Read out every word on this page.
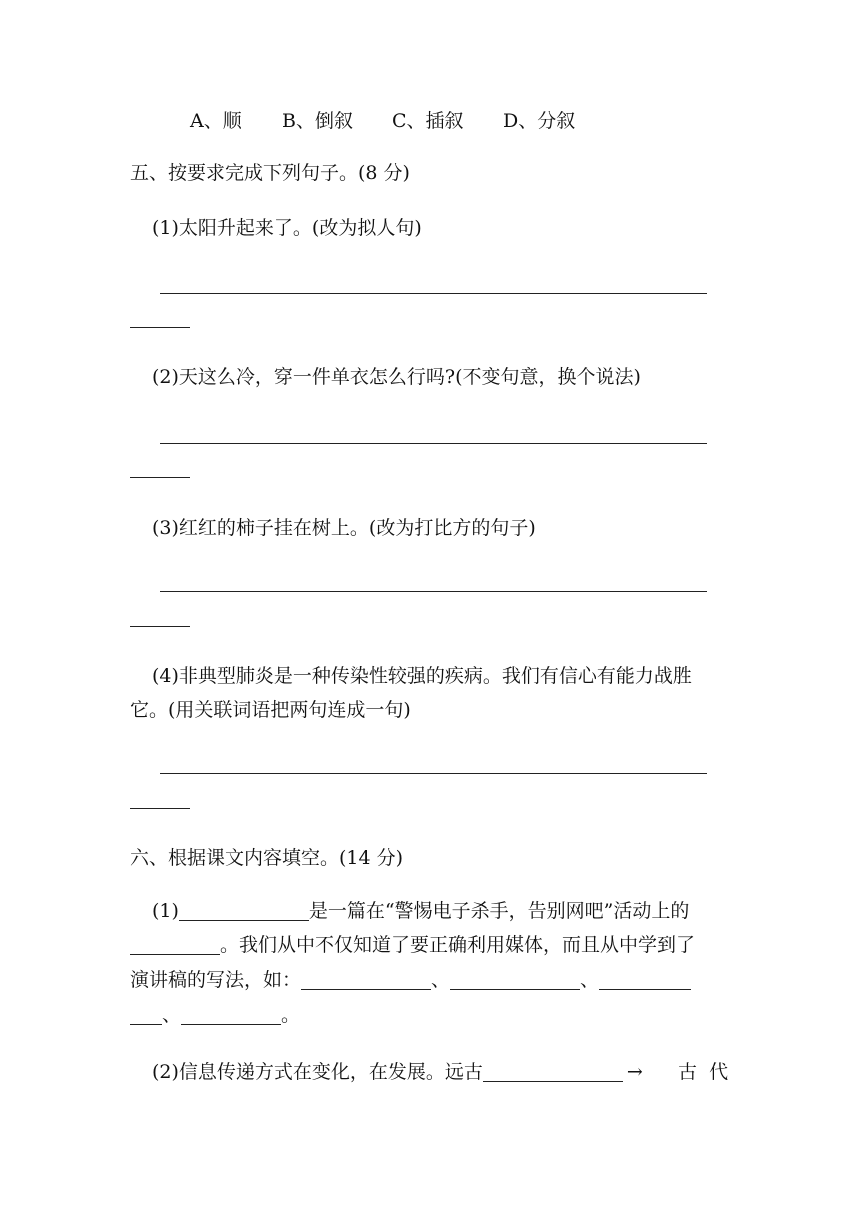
A、顺 B、倒叙 C、插叙 D、分叙
五、按要求完成下列句子。(8 分)
(1)太阳升起来了。(改为拟人句)
(2)天这么冷，穿一件单衣怎么行吗?(不变句意，换个说法)
(3)红红的柿子挂在树上。(改为打比方的句子)
(4)非典型肺炎是一种传染性较强的疾病。我们有信心有能力战胜
它。(用关联词语把两句连成一句)
六、根据课文内容填空。(14 分)
(1)	是一篇在“警惕电子杀手，告别网吧”活动上的
。我们从中不仅知道了要正确利用媒体，而且从中学到了
演讲稿的写法，如：	、	、
、	。
(2)信息传递方式在变化，在发展。远古	→ 古  代
